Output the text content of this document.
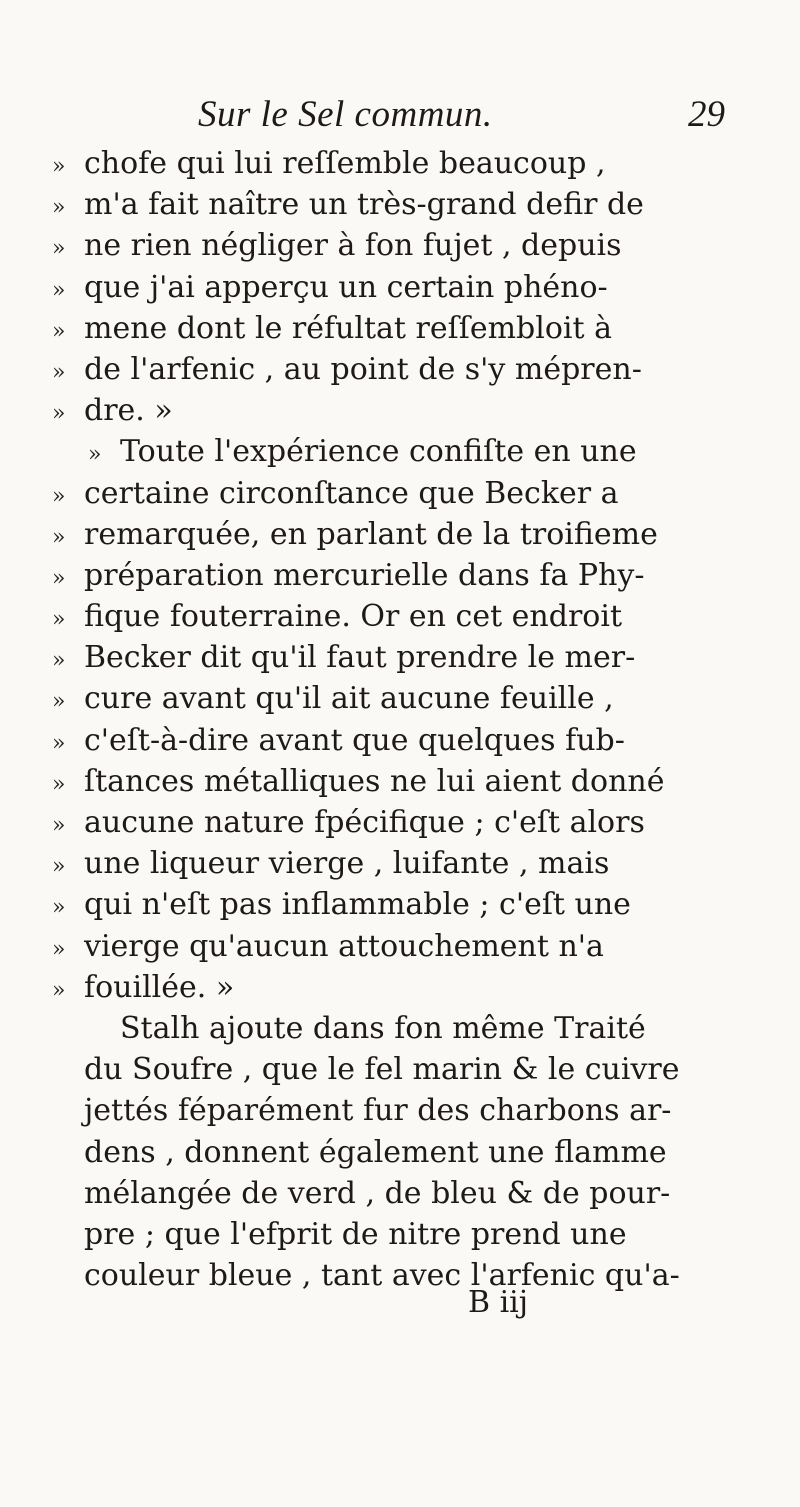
Sur le Sel commun.	29
» chofe qui lui reſſemble beaucoup ,
» m'a fait naître un très-grand defir de
» ne rien négliger à fon fujet , depuis
» que j'ai apperçu un certain phéno-
» mene dont le réfultat reſſembloit à
» de l'arfenic , au point de s'y mépren-
» dre. »
» Toute l'expérience confiſte en une
» certaine circonſtance que Becker a
» remarquée, en parlant de la troifieme
» préparation mercurielle dans fa Phy-
» fique fouterraine. Or en cet endroit
» Becker dit qu'il faut prendre le mer-
» cure avant qu'il ait aucune feuille ,
» c'eſt-à-dire avant que quelques fub-
» ſtances métalliques ne lui aient donné
» aucune nature fpécifique ; c'eſt alors
» une liqueur vierge , luifante , mais
» qui n'eſt pas inflammable ; c'eſt une
» vierge qu'aucun attouchement n'a
» fouillée. »
Stalh ajoute dans fon même Traité
du Soufre , que le fel marin & le cuivre
jettés féparément fur des charbons ar-
dens , donnent également une flamme
mélangée de verd , de bleu & de pour-
pre ; que l'efprit de nitre prend une
couleur bleue , tant avec l'arfenic qu'a-
B iij
